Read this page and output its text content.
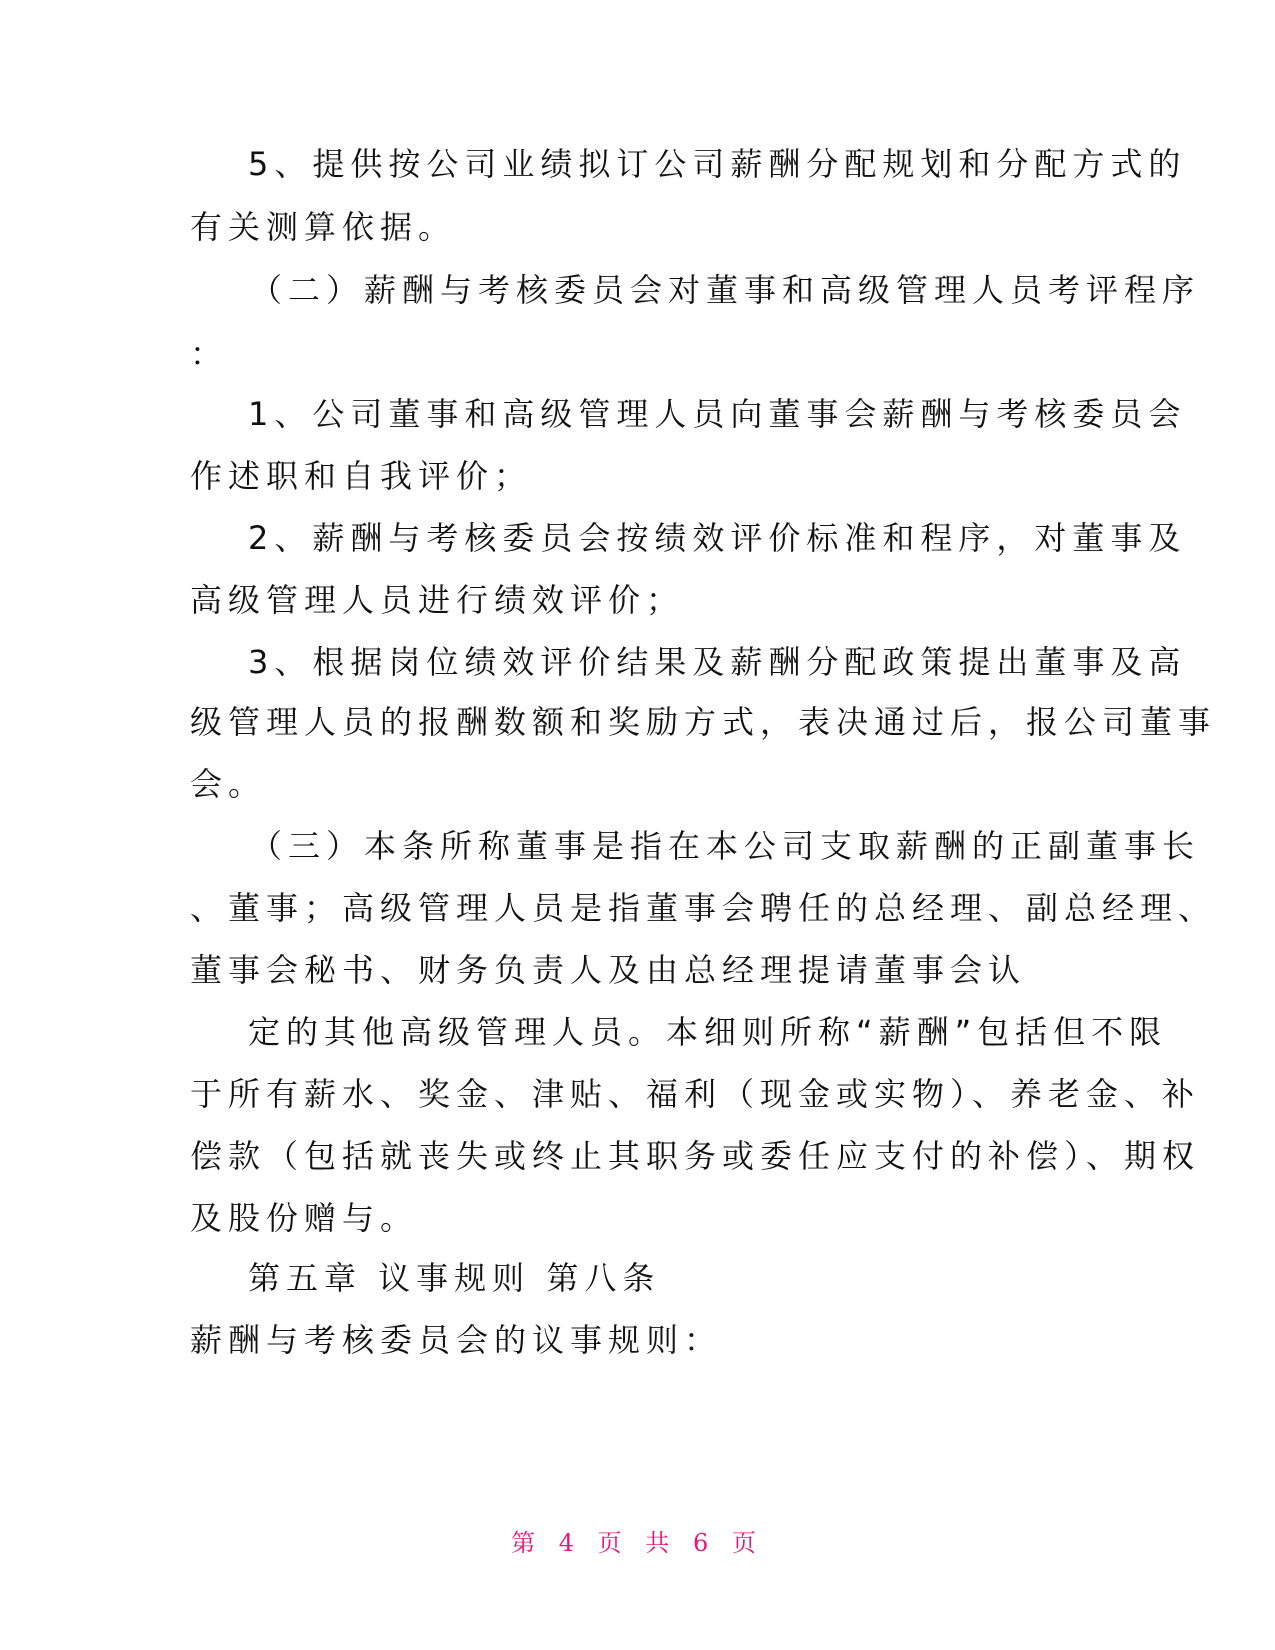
5、提供按公司业绩拟订公司薪酬分配规划和分配方式的
有关测算依据。
（二）薪酬与考核委员会对董事和高级管理人员考评程序
：
1、公司董事和高级管理人员向董事会薪酬与考核委员会
作述职和自我评价；
2、薪酬与考核委员会按绩效评价标准和程序，对董事及
高级管理人员进行绩效评价；
3、根据岗位绩效评价结果及薪酬分配政策提出董事及高
级管理人员的报酬数额和奖励方式，表决通过后，报公司董事
会。
（三）本条所称董事是指在本公司支取薪酬的正副董事长
、董事；高级管理人员是指董事会聘任的总经理、副总经理、
董事会秘书、财务负责人及由总经理提请董事会认
定的其他高级管理人员。本细则所称“薪酬”包括但不限
于所有薪水、奖金、津贴、福利（现金或实物）、养老金、补
偿款（包括就丧失或终止其职务或委任应支付的补偿）、期权
及股份赠与。
第五章 议事规则 第八条
薪酬与考核委员会的议事规则：
第 4 页 共 6 页
